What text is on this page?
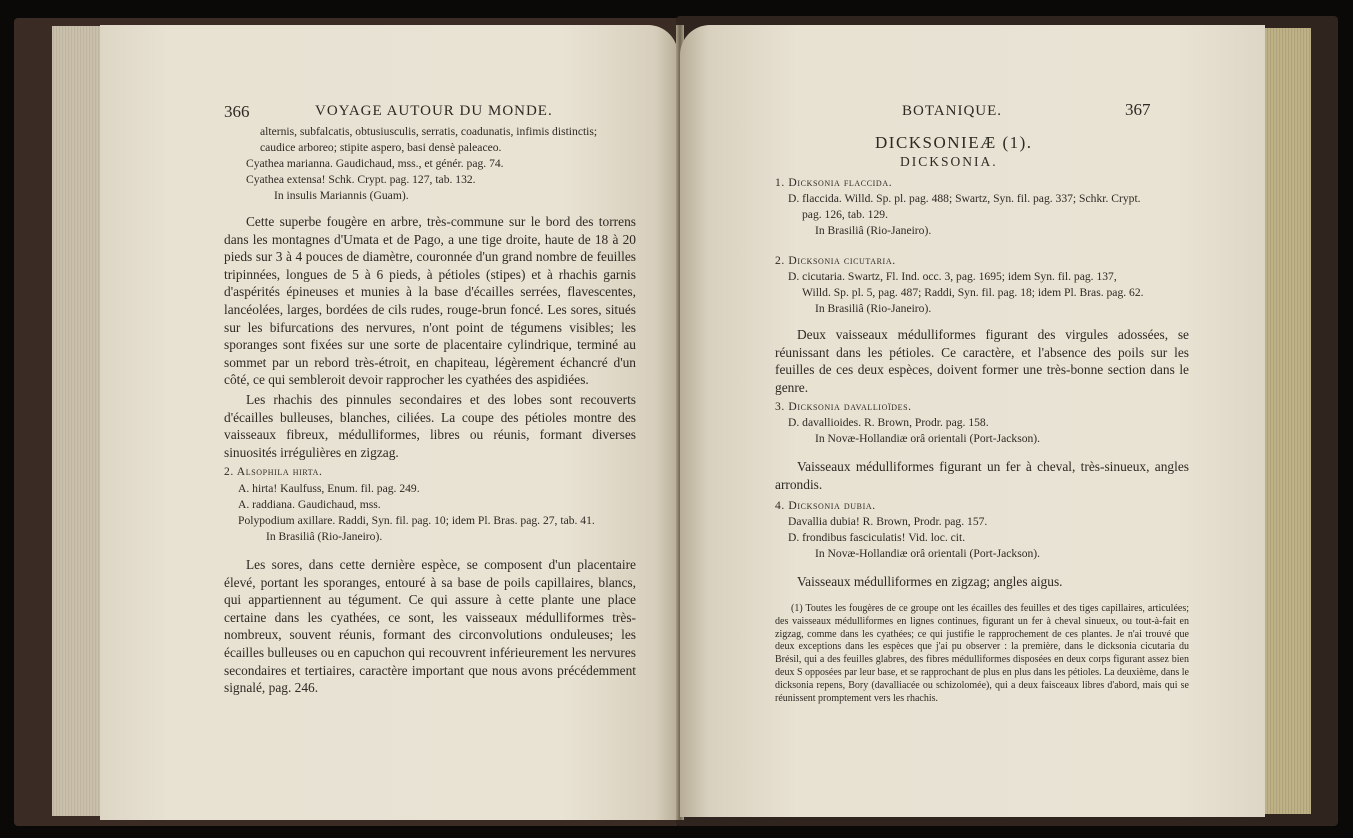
366	VOYAGE AUTOUR DU MONDE.
alternis, subfalcatis, obtusiusculis, serratis, coadunatis, infimis distinctis;
caudice arboreo; stipite aspero, basi densè paleaceo.
Cyathea marianna. Gaudichaud, mss., et génér. pag. 74.
Cyathea extensa! Schk. Crypt. pag. 127, tab. 132.
In insulis Mariannis (Guam).
Cette superbe fougère en arbre, très-commune sur le bord des torrens dans les montagnes d'Umata et de Pago, a une tige droite, haute de 18 à 20 pieds sur 3 à 4 pouces de diamètre, couronnée d'un grand nombre de feuilles tripinnées, longues de 5 à 6 pieds, à pétioles (stipes) et à rhachis garnis d'aspérités épineuses et munies à la base d'écailles serrées, flavescentes, lancéolées, larges, bordées de cils rudes, rouge-brun foncé. Les sores, situés sur les bifurcations des nervures, n'ont point de tégumens visibles; les sporanges sont fixées sur une sorte de placentaire cylindrique, terminé au sommet par un rebord très-étroit, en chapiteau, légèrement échancré d'un côté, ce qui sembleroit devoir rapprocher les cyathées des aspidiées.
Les rhachis des pinnules secondaires et des lobes sont recouverts d'écailles bulleuses, blanches, ciliées. La coupe des pétioles montre des vaisseaux fibreux, médulliformes, libres ou réunis, formant diverses sinuosités irrégulières en zigzag.
2. Alsophila hirta.
A. hirta! Kaulfuss, Enum. fil. pag. 249.
A. raddiana. Gaudichaud, mss.
Polypodium axillare. Raddi, Syn. fil. pag. 10; idem Pl. Bras. pag. 27, tab. 41.
In Brasiliâ (Rio-Janeiro).
Les sores, dans cette dernière espèce, se composent d'un placentaire élevé, portant les sporanges, entouré à sa base de poils capillaires, blancs, qui appartiennent au tégument. Ce qui assure à cette plante une place certaine dans les cyathées, ce sont, les vaisseaux médulliformes très-nombreux, souvent réunis, formant des circonvolutions onduleuses; les écailles bulleuses ou en capuchon qui recouvrent inférieurement les nervures secondaires et tertiaires, caractère important que nous avons précédemment signalé, pag. 246.
BOTANIQUE.	367
DICKSONIEÆ (1).
DICKSONIA.
1. Dicksonia flaccida.
D. flaccida. Willd. Sp. pl. pag. 488; Swartz, Syn. fil. pag. 337; Schkr. Crypt.
pag. 126, tab. 129.
In Brasiliâ (Rio-Janeiro).
2. Dicksonia cicutaria.
D. cicutaria. Swartz, Fl. Ind. occ. 3, pag. 1695; idem Syn. fil. pag. 137,
Willd. Sp. pl. 5, pag. 487; Raddi, Syn. fil. pag. 18; idem Pl. Bras. pag. 62.
In Brasiliâ (Rio-Janeiro).
Deux vaisseaux médulliformes figurant des virgules adossées, se réunissant dans les pétioles. Ce caractère, et l'absence des poils sur les feuilles de ces deux espèces, doivent former une très-bonne section dans le genre.
3. Dicksonia davallioïdes.
D. davallioides. R. Brown, Prodr. pag. 158.
In Novæ-Hollandiæ orâ orientali (Port-Jackson).
Vaisseaux médulliformes figurant un fer à cheval, très-sinueux, angles arrondis.
4. Dicksonia dubia.
Davallia dubia! R. Brown, Prodr. pag. 157.
D. frondibus fasciculatis! Vid. loc. cit.
In Novæ-Hollandiæ orâ orientali (Port-Jackson).
Vaisseaux médulliformes en zigzag; angles aigus.
(1) Toutes les fougères de ce groupe ont les écailles des feuilles et des tiges capillaires, articulées; des vaisseaux médulliformes en lignes continues, figurant un fer à cheval sinueux, ou tout-à-fait en zigzag, comme dans les cyathées; ce qui justifie le rapprochement de ces plantes. Je n'ai trouvé que deux exceptions dans les espèces que j'ai pu observer : la première, dans le dicksonia cicutaria du Brésil, qui a des feuilles glabres, des fibres médulliformes disposées en deux corps figurant assez bien deux S opposées par leur base, et se rapprochant de plus en plus dans les pétioles. La deuxième, dans le dicksonia repens, Bory (davalliacée ou schizolomée), qui a deux faisceaux libres d'abord, mais qui se réunissent promptement vers les rhachis.
